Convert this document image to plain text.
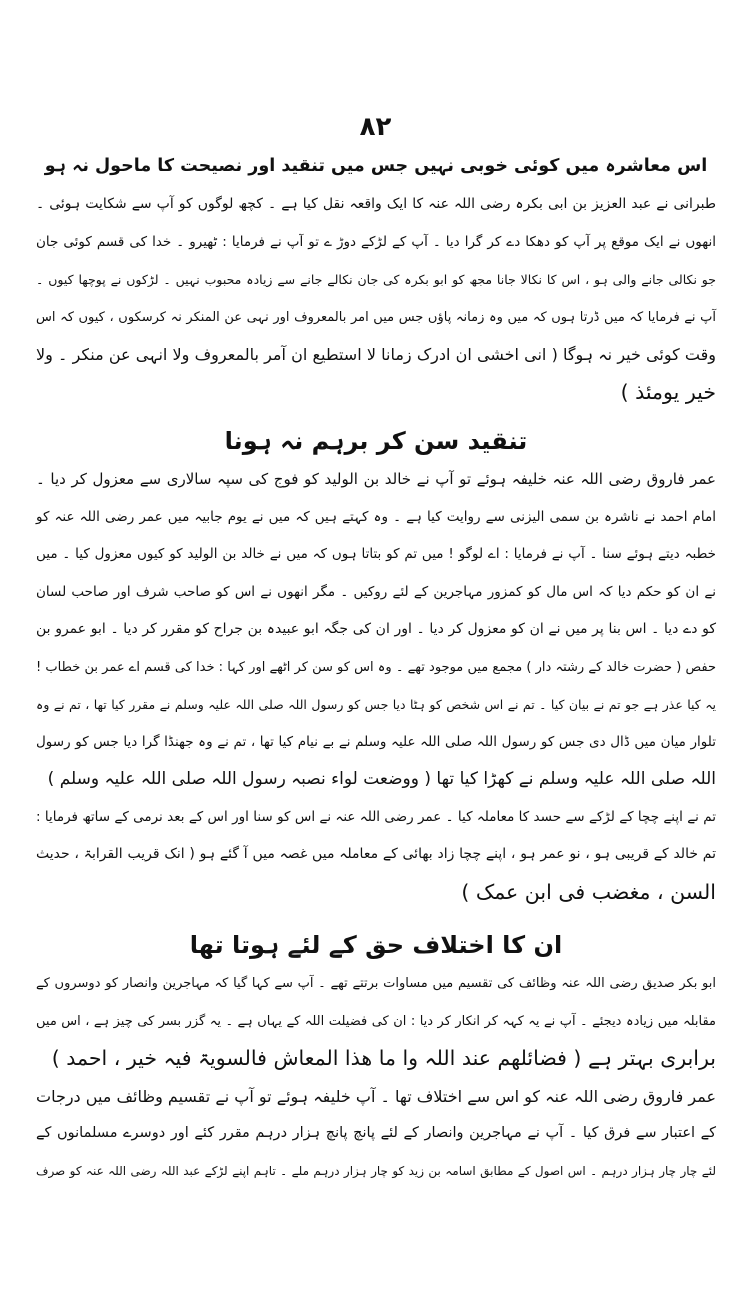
۸۲
اس معاشرہ میں کوئی خوبی نہیں جس میں تنقید اور نصیحت کا ماحول نہ ہو
طبرانی نے عبد العزیز بن ابی بکرہ رضی اللہ عنہ کا ایک واقعہ نقل کیا ہے ۔ کچھ لوگوں کو آپ سے شکایت ہوئی ۔
انھوں نے ایک موقع پر آپ کو دھکا دے کر گرا دیا ۔ آپ کے لڑکے دوڑ ے تو آپ نے فرمایا : ٹھیرو ۔ خدا کی قسم کوئی جان
جو نکالی جانے والی ہو ، اس کا نکالا جانا مجھ کو ابو بکرہ کی جان نکالے جانے سے زیادہ محبوب نہیں ۔ لڑکوں نے پوچھا کیوں ۔
آپ نے فرمایا کہ میں ڈرتا ہوں کہ میں وہ زمانہ پاؤں جس میں امر بالمعروف اور نہی عن المنکر نہ کرسکوں ، کیوں کہ اس
وقت کوئی خیر نہ ہوگا ( انی اخشی ان ادرک زمانا لا استطیع ان آمر بالمعروف ولا انہی عن منکر ۔ ولا
خیر یومئذ )
تنقید سن کر برہم نہ ہونا
عمر فاروق رضی اللہ عنہ خلیفہ ہوئے تو آپ نے خالد بن الولید کو فوج کی سپہ سالاری سے معزول کر دیا ۔
امام احمد نے ناشرہ بن سمی الیزنی سے روایت کیا ہے ۔ وہ کہتے ہیں کہ میں نے یوم جابیہ میں عمر رضی اللہ عنہ کو
خطبہ دیتے ہوئے سنا ۔ آپ نے فرمایا : اے لوگو ! میں تم کو بتاتا ہوں کہ میں نے خالد بن الولید کو کیوں معزول کیا ۔ میں
نے ان کو حکم دیا کہ اس مال کو کمزور مہاجرین کے لئے روکیں ۔ مگر انھوں نے اس کو صاحب شرف اور صاحب لسان
کو دے دیا ۔ اس بنا پر میں نے ان کو معزول کر دیا ۔ اور ان کی جگہ ابو عبیدہ بن جراح کو مقرر کر دیا ۔ ابو عمرو بن
حفص ( حضرت خالد کے رشتہ دار ) مجمع میں موجود تھے ۔ وہ اس کو سن کر اٹھے اور کہا : خدا کی قسم اے عمر بن خطاب !
یہ کیا عذر ہے جو تم نے بیان کیا ۔ تم نے اس شخص کو ہٹا دیا جس کو رسول اللہ صلی اللہ علیہ وسلم نے مقرر کیا تھا ، تم نے وہ
تلوار میان میں ڈال دی جس کو رسول اللہ صلی اللہ علیہ وسلم نے بے نیام کیا تھا ، تم نے وہ جھنڈا گرا دیا جس کو رسول
اللہ صلی اللہ علیہ وسلم نے کھڑا کیا تھا ( ووضعت لواء نصبہ رسول اللہ صلی اللہ علیہ وسلم )
تم نے اپنے چچا کے لڑکے سے حسد کا معاملہ کیا ۔ عمر رضی اللہ عنہ نے اس کو سنا اور اس کے بعد نرمی کے ساتھ فرمایا :
تم خالد کے قریبی ہو ، نو عمر ہو ، اپنے چچا زاد بھائی کے معاملہ میں غصہ میں آ گئے ہو ( انک قریب القرابۃ ، حدیث
السن ، مغضب فی ابن عمک )
ان کا اختلاف حق کے لئے ہوتا تھا
ابو بکر صدیق رضی اللہ عنہ وظائف کی تقسیم میں مساوات برتتے تھے ۔ آپ سے کہا گیا کہ مہاجرین وانصار کو دوسروں کے
مقابلہ میں زیادہ دیجئے ۔ آپ نے یہ کہہ کر انکار کر دیا : ان کی فضیلت اللہ کے یہاں ہے ۔ یہ گزر بسر کی چیز ہے ، اس میں
برابری بہتر ہے ( فضائلھم عند اللہ وا ما ھذا المعاش فالسویۃ فیہ خیر ، احمد )
عمر فاروق رضی اللہ عنہ کو اس سے اختلاف تھا ۔ آپ خلیفہ ہوئے تو آپ نے تقسیم وظائف میں درجات
کے اعتبار سے فرق کیا ۔ آپ نے مہاجرین وانصار کے لئے پانچ پانچ ہزار درہم مقرر کئے اور دوسرے مسلمانوں کے
لئے چار چار ہزار درہم ۔ اس اصول کے مطابق اسامہ بن زید کو چار ہزار درہم ملے ۔ تاہم اپنے لڑکے عبد اللہ رضی اللہ عنہ کو صرف
